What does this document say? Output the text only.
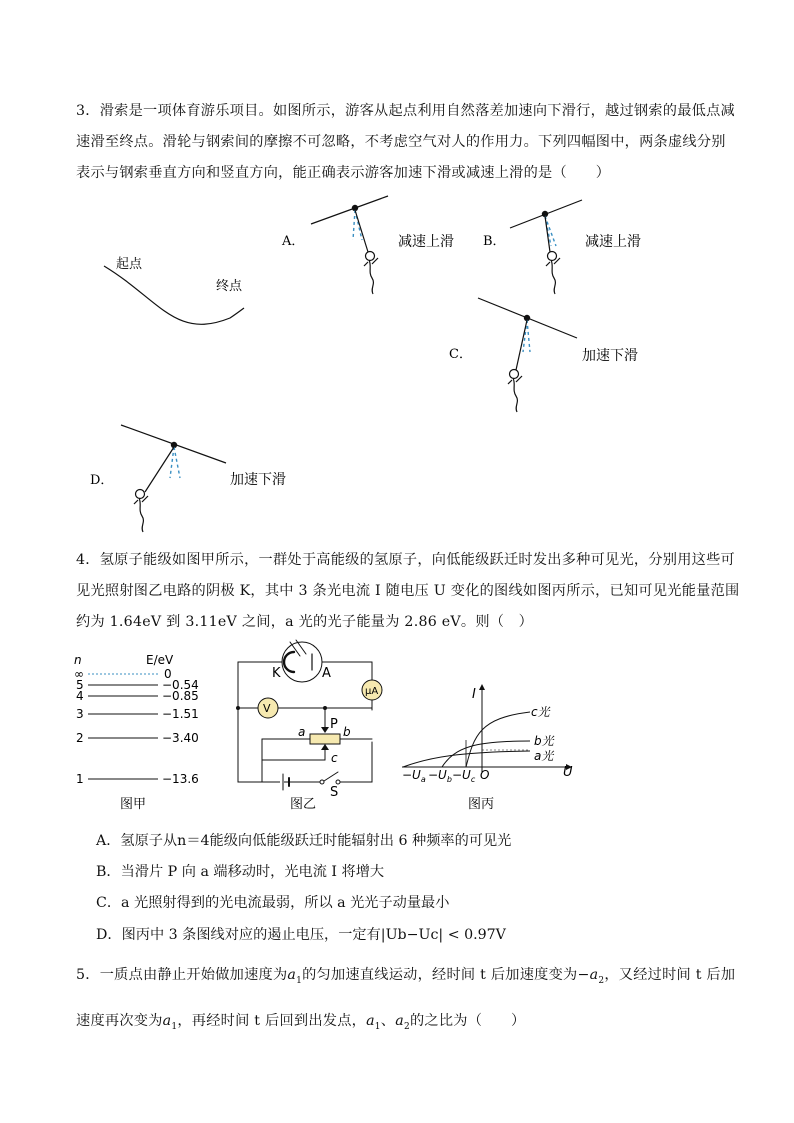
3．滑索是一项体育游乐项目。如图所示，游客从起点利用自然落差加速向下滑行，越过钢索的最低点减
速滑至终点。滑轮与钢索间的摩擦不可忽略，不考虑空气对人的作用力。下列四幅图中，两条虚线分别
表示与钢索垂直方向和竖直方向，能正确表示游客加速下滑或减速上滑的是（　　）
起点
终点
A．	减速上滑 B．	减速上滑
C．	加速下滑
D．	加速下滑
n	E/eV
∞	0
5	−0.54
4	−0.85
3	−1.51
2	−3.40
1	−13.6
图甲
K	A
μA
V
P
a	b
c
S
图乙
I
U
c光
b光
a光
$-U_a -U_b -U_c$ O
图丙
4．氢原子能级如图甲所示，一群处于高能级的氢原子，向低能级跃迁时发出多种可见光，分别用这些可
见光照射图乙电路的阴极 K，其中 3 条光电流 I 随电压 U 变化的图线如图丙所示，已知可见光能量范围
约为 1.64eV 到 3.11eV 之间，a 光的光子能量为 2.86 eV。则（　）
A．氢原子从n＝4能级向低能级跃迁时能辐射出 6 种频率的可见光
B．当滑片 P 向 a 端移动时，光电流 I 将增大
C．a 光照射得到的光电流最弱，所以 a 光光子动量最小
D．图丙中 3 条图线对应的遏止电压，一定有|Ub−Uc| < 0.97V
5．一质点由静止开始做加速度为$a_1$的匀加速直线运动，经时间 t 后加速度变为$-a_2$，又经过时间 t 后加
速度再次变为$a_1$，再经时间 t 后回到出发点，$a_1$、$a_2$的之比为（　　）
